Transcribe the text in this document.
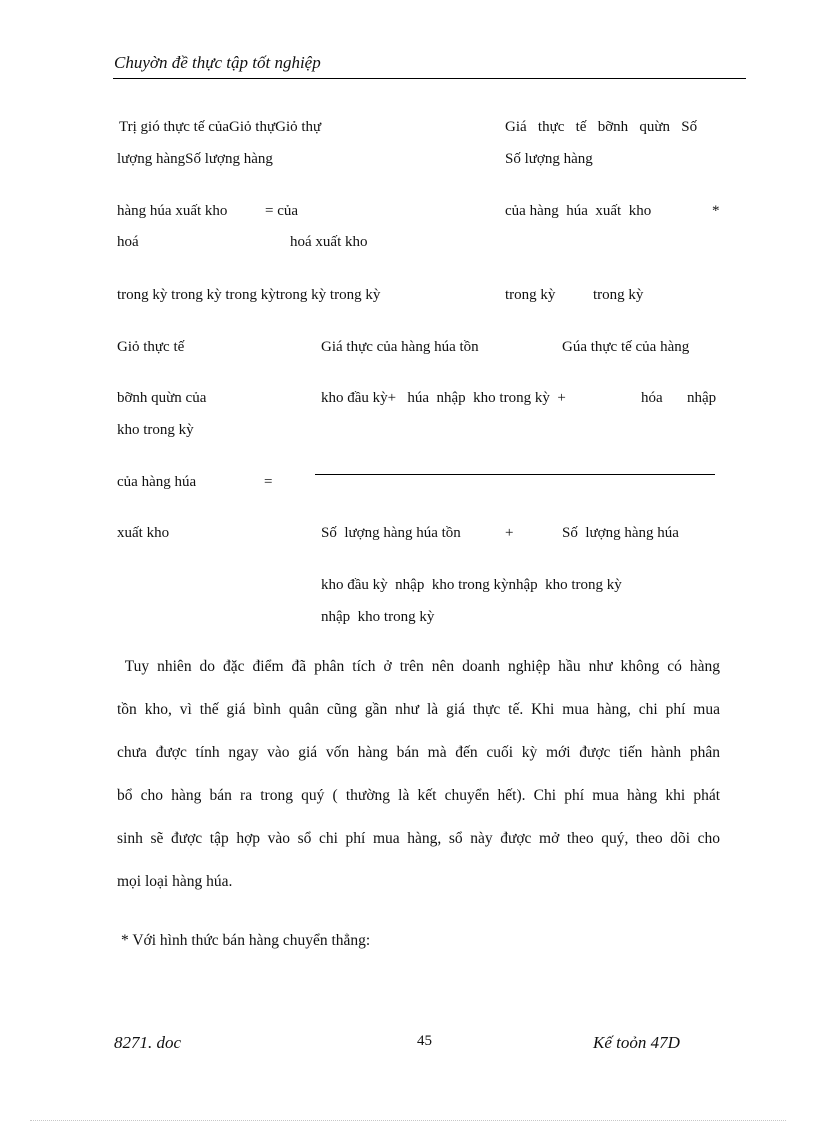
Chuyờn đề thực tập tốt nghiệp
Trị gió thực tế củaGiỏ thựGiỏ thự
lượng hàngSố lượng hàng
Giá   thực   tế   bỡnh   quừn   Số
Số lượng hàng
hàng húa xuất kho	= của	của hàng  húa  xuất  kho	*
hoá	hoá xuất kho
trong kỳ trong kỳ trong kỳtrong kỳ trong kỳ	trong kỳ	trong kỳ
Giỏ thực tế
bỡnh quừn của
kho trong kỳ
của hàng húa
xuất kho
=
Giá thực của hàng húa tồn	Gúa thực tế của hàng
kho đầu kỳ+   húa  nhập  kho trong kỳ  +	hóa nhập
Số  lượng hàng húa tồn	+	Số  lượng hàng húa
kho đầu kỳ  nhập  kho trong kỳnhập  kho trong kỳ
nhập  kho trong kỳ
Tuy nhiên do đặc điểm đã phân tích ở trên nên doanh nghiệp hầu như không có hàng
tồn kho, vì thế giá bình quân cũng gần như là giá thực tế. Khi mua hàng, chi phí mua
chưa được tính ngay vào giá vốn hàng bán mà đến cuối kỳ mới được tiến hành phân
bổ cho hàng bán ra trong quý ( thường là kết chuyển hết). Chi phí mua hàng khi phát
sinh sẽ được tập hợp vào sổ chi phí mua hàng, sổ này được mở theo quý, theo dõi cho
mọi loại hàng húa.
* Với hình thức bán hàng chuyển thẳng:
8271. doc	45	Kế toỏn 47D
